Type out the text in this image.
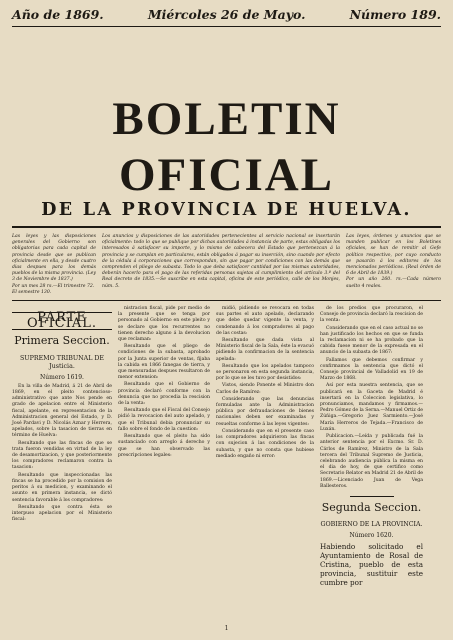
Año de 1869.	Miércoles 26 de Mayo.	Número 189.
BOLETIN OFICIAL
DE LA PROVINCIA DE HUELVA.
Las leyes y las disposiciones generales del Gobierno son obligatorias para cada capital de provincia desde que se publican oficialmente en ella, y desde cuatro dias despues para los demás pueblos de la misma provincia. (Ley 3 de Noviembre de 1837.)
Por un mes 28 rs.—El trimestre 72.
El semestre 130.
Los anuncios y disposiciones de las autoridades pertenecientes al servicio nacional se insertarán oficialmente: todo lo que se publique por dichas autoridades á instancia de parte, estas obligadas los interesados á satisfacer su importe, y lo mismo de cabecera del Estado que pertenezcan á la provincia y se cumplan en particulares, están obligados á pagar su inserción, sino cuando por efecto de la cédula á corporaciones que correspondan, sin que pagar por condiciones con las demás que comprenden el pliego de subasta. Todo lo que deba satisfacer cantidad por las mismas autoridades, deberán hacerlo para el pago de las referidas personas sujetas al cumplimiento del artículo 3.º del Real decreto de 1835.—Se suscribe en esta capital, oficina de este periódico, calle de los Monjes, núm. 5.
Las leyes, órdenes y anuncios que se manden publicar en los Boletines oficiales, se han de remitir al Gefe político respectivo, por cuyo conducto se pasarán á los editores de los mencionados periódicos. (Real órden de 6 de Abril de 1839.)
Por un año 260. rs.—Cada número suelto 4 reales.
PARTE OFICIAL.
Primera Seccion.
SUPREMO TRIBUNAL DE
Justicia.
Número 1619.

En la villa de Madrid, á 21 de Abril de 1869, en el pleito contencioso-administrativo que ante Nos pende en grado de apelacion entre el Ministerio fiscal, apelante, en representacion de la Administracion general del Estado, y D. José Pardavi y D. Nicolás Aznar y Herrera, apelados, sobre la tasacion de tierras en término de Huelva:

Resultando que las fincas de que se trata fueron vendidas en virtud de la ley de desamortizacion, y que posteriormente los compradores reclamaron contra la tasacion:

Resultando que inspeccionadas las fincas se ha procedido por la comision de peritos á su medicion, y examinando el asunto en primera instancia, se dictó sentencia favorable á los compradores:

Resultando que contra ésta se interpuso apelacion por el Ministerio fiscal:

nistracion fiscal, pide por medio de la presente que se tenga por personado al Gobierno en este pleito y se declare que los recurrentes no tienen derecho alguno á la devolucion que reclaman:

Resultando que el pliego de condiciones de la subasta, aprobado por la Junta superior de ventas, fijaba la cabida en 1866 fanegas de tierra, y que mensuradas despues resultaron de menor extension:

Resultando que el Gobierno de provincia declaró conforme con la denuncia que no procedia la rescision de la venta:

Resultando que el Fiscal del Consejo pidió la revocacion del auto apelado, y que el Tribunal debia pronunciar su fallo sobre el fondo de la cuestion:

Resultando que el pleito ha sido sustanciado con arreglo á derecho y que se han observado las prescripciones legales:

midió, pidiendo se revocara en todas sus partes el auto apelado, declarando que debe quedar vigente la venta, y condenando á los compradores al pago de las costas:

Resultando que dada vista al Ministerio fiscal de la Sala, éste la evacuó pidiendo la confirmacion de la sentencia apelada:

Resultando que los apelados tampoco se personaron en esta segunda instancia, por lo que se les tuvo por desistidos:

Vistos, siendo Ponente el Ministro don Carlos de Ramírez:

Considerando que las denuncias formuladas ante la Administracion pública por defraudaciones de bienes nacionales deben ser examinadas y resueltas conforme á las leyes vigentes:

Considerando que en el presente caso los compradores adquirieron las fincas con sujecion á las condiciones de la subasta, y que no consta que hubiese mediado engaño ni error:

de los predios que procuraron, el Consejo de provincia declaró la rescision de la venta:

Considerando que en el caso actual no se han justificado los hechos en que se funda la reclamacion ni se ha probado que la cabida fuese menor de la expresada en el anuncio de la subasta de 1867:

Fallamos que debemos confirmar y confirmamos la sentencia que dictó el Consejo provincial de Valladolid en 19 de Marzo de 1868.

Así por esta nuestra sentencia, que se publicará en la Gaceta de Madrid é insertará en la Coleccion legislativa, lo pronunciamos, mandamos y firmamos.—Pedro Gómez de la Serna.—Manuel Ortiz de Zúñiga.—Gregorio Juez Sarmiento.—José María Herreros de Tejada.—Francisco de Luxán.

Publicacion.—Leída y publicada fué la anterior sentencia por el Excmo. Sr. D. Cárlos de Ramírez, Ministro de la Sala tercera del Tribunal Supremo de Justicia, celebrando audiencia pública la misma en el dia de hoy, de que certifico como Secretario Relator en Madrid 21 de Abril de 1869.—Licenciado Juan de Vega Ballesteros.

Segunda Seccion.
GOBIERNO DE LA PROVINCIA.
Número 1620.
Habiendo solicitado el Ayuntamiento de Rosal de Cristina, pueblo de esta provincia, sustituir este cumbre por
1
